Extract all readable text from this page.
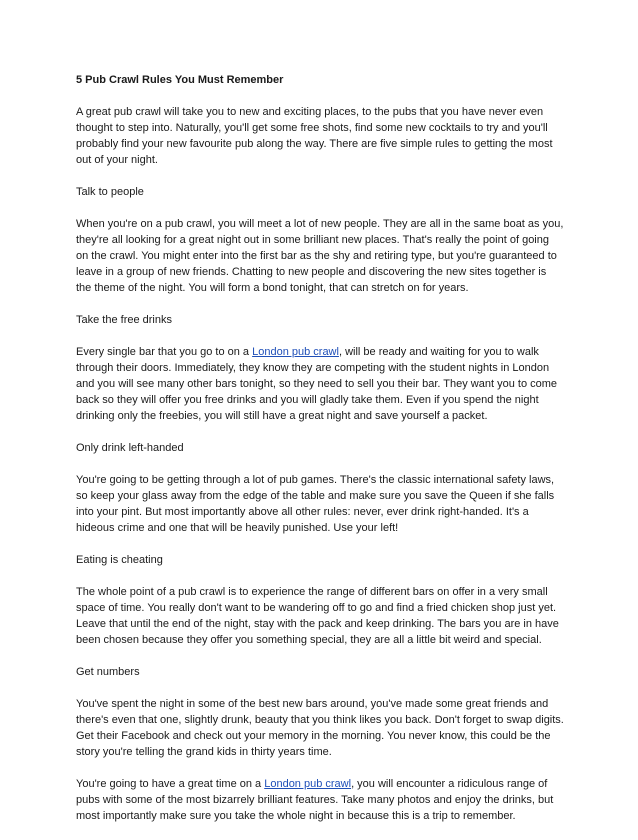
5 Pub Crawl Rules You Must Remember

A great pub crawl will take you to new and exciting places, to the pubs that you have never even thought to step into. Naturally, you'll get some free shots, find some new cocktails to try and you'll probably find your new favourite pub along the way. There are five simple rules to getting the most out of your night.

Talk to people

When you're on a pub crawl, you will meet a lot of new people. They are all in the same boat as you, they're all looking for a great night out in some brilliant new places. That's really the point of going on the crawl. You might enter into the first bar as the shy and retiring type, but you're guaranteed to leave in a group of new friends. Chatting to new people and discovering the new sites together is the theme of the night. You will form a bond tonight, that can stretch on for years.

Take the free drinks

Every single bar that you go to on a London pub crawl, will be ready and waiting for you to walk through their doors. Immediately, they know they are competing with the student nights in London and you will see many other bars tonight, so they need to sell you their bar. They want you to come back so they will offer you free drinks and you will gladly take them. Even if you spend the night drinking only the freebies, you will still have a great night and save yourself a packet.

Only drink left-handed

You're going to be getting through a lot of pub games. There's the classic international safety laws, so keep your glass away from the edge of the table and make sure you save the Queen if she falls into your pint. But most importantly above all other rules: never, ever drink right-handed. It's a hideous crime and one that will be heavily punished. Use your left!

Eating is cheating

The whole point of a pub crawl is to experience the range of different bars on offer in a very small space of time. You really don't want to be wandering off to go and find a fried chicken shop just yet. Leave that until the end of the night, stay with the pack and keep drinking. The bars you are in have been chosen because they offer you something special, they are all a little bit weird and special.

Get numbers

You've spent the night in some of the best new bars around, you've made some great friends and there's even that one, slightly drunk, beauty that you think likes you back. Don't forget to swap digits. Get their Facebook and check out your memory in the morning. You never know, this could be the story you're telling the grand kids in thirty years time.

You're going to have a great time on a London pub crawl, you will encounter a ridiculous range of pubs with some of the most bizarrely brilliant features. Take many photos and enjoy the drinks, but most importantly make sure you take the whole night in because this is a trip to remember.
